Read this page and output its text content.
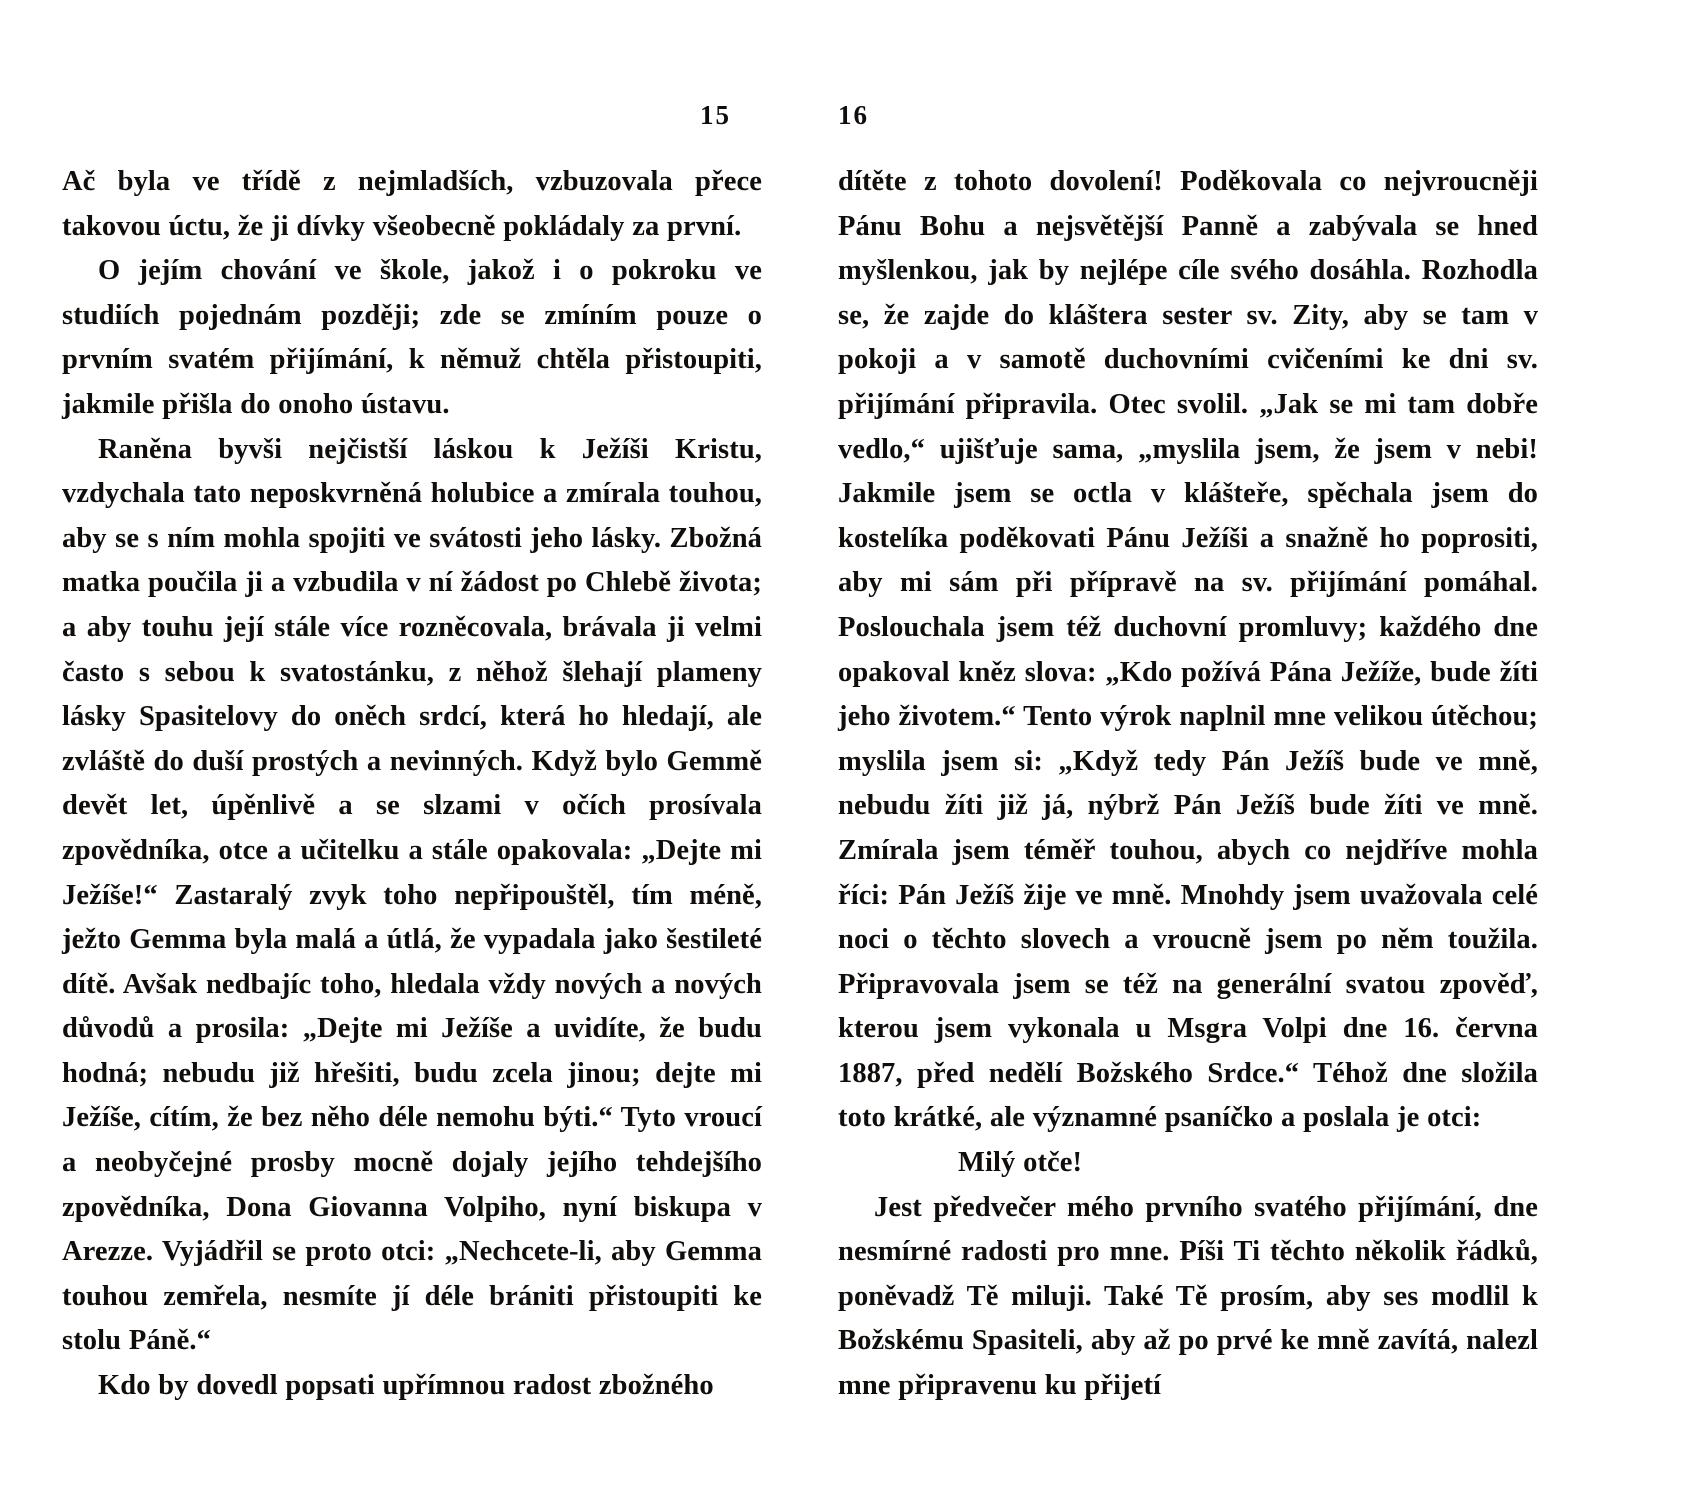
15	16

Ač byla ve třídě z nejmladších, vzbuzovala přece takovou úctu, že ji dívky všeobecně pokládaly za první.

O jejím chování ve škole, jakož i o pokroku ve studiích pojednám později; zde se zmíním pouze o prvním svatém přijímání, k němuž chtěla přistoupiti, jakmile přišla do onoho ústavu.

Raněna byvši nejčistší láskou k Ježíši Kristu, vzdychala tato neposkvrněná holubice a zmírala touhou, aby se s ním mohla spojiti ve svátosti jeho lásky. Zbožná matka poučila ji a vzbudila v ní žádost po Chlebě života; a aby touhu její stále více rozněcovala, brávala ji velmi často s sebou k svatostánku, z něhož šlehají plameny lásky Spasitelovy do oněch srdcí, která ho hledají, ale zvláště do duší prostých a nevinných. Když bylo Gemmě devět let, úpěnlivě a se slzami v očích prosívala zpovědníka, otce a učitelku a stále opakovala: „Dejte mi Ježíše!“ Zastaralý zvyk toho nepřipouštěl, tím méně, ježto Gemma byla malá a útlá, že vypadala jako šestileté dítě. Avšak nedbajíc toho, hledala vždy nových a nových důvodů a prosila: „Dejte mi Ježíše a uvidíte, že budu hodná; nebudu již hřešiti, budu zcela jinou; dejte mi Ježíše, cítím, že bez něho déle nemohu býti.“ Tyto vroucí a neobyčejné prosby mocně dojaly jejího tehdejšího zpovědníka, Dona Giovanna Volpiho, nyní biskupa v Arezze. Vyjádřil se proto otci: „Nechcete-li, aby Gemma touhou zemřela, nesmíte jí déle brániti přistoupiti ke stolu Páně.“

Kdo by dovedl popsati upřímnou radost zbožného

dítěte z tohoto dovolení! Poděkovala co nejvroucněji Pánu Bohu a nejsvětější Panně a zabývala se hned myšlenkou, jak by nejlépe cíle svého dosáhla. Rozhodla se, že zajde do kláštera sester sv. Zity, aby se tam v pokoji a v samotě duchovními cvičeními ke dni sv. přijímání připravila. Otec svolil. „Jak se mi tam dobře vedlo,“ ujišťuje sama, „myslila jsem, že jsem v nebi! Jakmile jsem se octla v klášteře, spěchala jsem do kostelíka poděkovati Pánu Ježíši a snažně ho poprositi, aby mi sám při přípravě na sv. přijímání pomáhal. Poslouchala jsem též duchovní promluvy; každého dne opakoval kněz slova: „Kdo požívá Pána Ježíže, bude žíti jeho životem.“ Tento výrok naplnil mne velikou útěchou; myslila jsem si: „Když tedy Pán Ježíš bude ve mně, nebudu žíti již já, nýbrž Pán Ježíš bude žíti ve mně. Zmírala jsem téměř touhou, abych co nejdříve mohla říci: Pán Ježíš žije ve mně. Mnohdy jsem uvažovala celé noci o těchto slovech a vroucně jsem po něm toužila. Připravovala jsem se též na generální svatou zpověď, kterou jsem vykonala u Msgra Volpi dne 16. června 1887, před nedělí Božského Srdce.“ Téhož dne složila toto krátké, ale významné psaníčko a poslala je otci:

Milý otče!

Jest předvečer mého prvního svatého přijímání, dne nesmírné radosti pro mne. Píši Ti těchto několik řádků, poněvadž Tě miluji. Také Tě prosím, aby ses modlil k Božskému Spasiteli, aby až po prvé ke mně zavítá, nalezl mne připravenu ku přijetí
